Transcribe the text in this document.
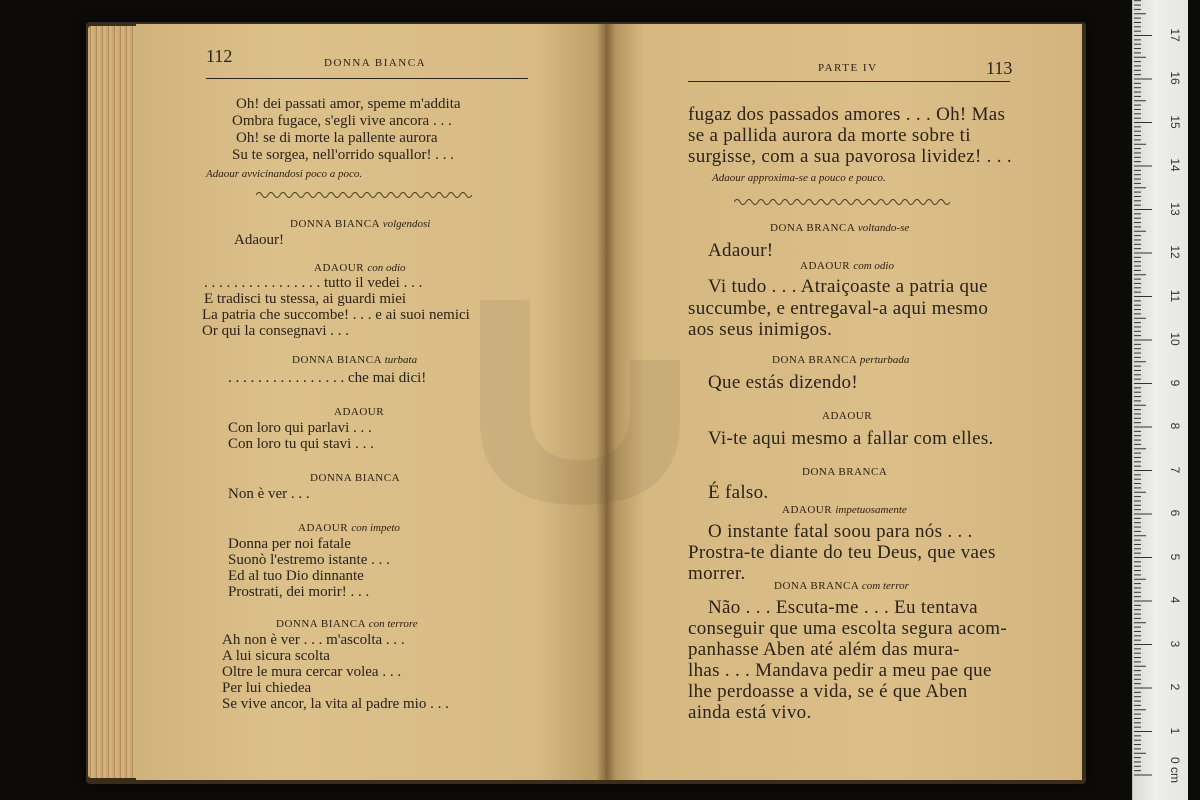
112	DONNA BIANCA
Oh! dei passati amor, speme m'addita
Ombra fugace, s'egli vive ancora . . .
Oh! se di morte la pallente aurora
Su te sorgea, nell'orrido squallor! . . .
Adaour avvicinandosi poco a poco.
DONNA BIANCA volgendosi
Adaour!
ADAOUR con odio
. . . . . . . . . . . . . . . . tutto il vedei . . .
E tradisci tu stessa, ai guardi miei
La patria che succombe! . . . e ai suoi nemici
Or qui la consegnavi . . .
DONNA BIANCA turbata
. . . . . . . . . . . . . . . . che mai dici!
ADAOUR
Con loro qui parlavi . . .
Con loro tu qui stavi . . .
DONNA BIANCA
Non è ver . . .
ADAOUR con impeto
Donna per noi fatale
Suonò l'estremo istante . . .
Ed al tuo Dio dinnante
Prostrati, dei morir! . . .
DONNA BIANCA con terrore
Ah non è ver . . . m'ascolta . . .
A lui sicura scolta
Oltre le mura cercar volea . . .
Per lui chiedea
Se vive ancor, la vita al padre mio . . .
PARTE IV	113
fugaz dos passados amores . . . Oh! Mas
se a pallida aurora da morte sobre ti
surgisse, com a sua pavorosa lividez! . . .
Adaour approxima-se a pouco e pouco.
DONA BRANCA voltando-se
Adaour!
ADAOUR com odio
Vi tudo . . . Atraiçoaste a patria que
succumbe, e entregaval-a aqui mesmo
aos seus inimigos.
DONA BRANCA perturbada
Que estás dizendo!
ADAOUR
Vi-te aqui mesmo a fallar com elles.
DONA BRANCA
É falso.
ADAOUR impetuosamente
O instante fatal soou para nós . . .
Prostra-te diante do teu Deus, que vaes
morrer.
DONA BRANCA com terror
Não . . . Escuta-me . . . Eu tentava
conseguir que uma escolta segura acom-
panhasse Aben até além das mura-
lhas . . . Mandava pedir a meu pae que
lhe perdoasse a vida, se é que Aben
ainda está vivo.
1
2
3
4
5
6
7
8
9
10
11
12
13
14
15
16
17
0 cm
